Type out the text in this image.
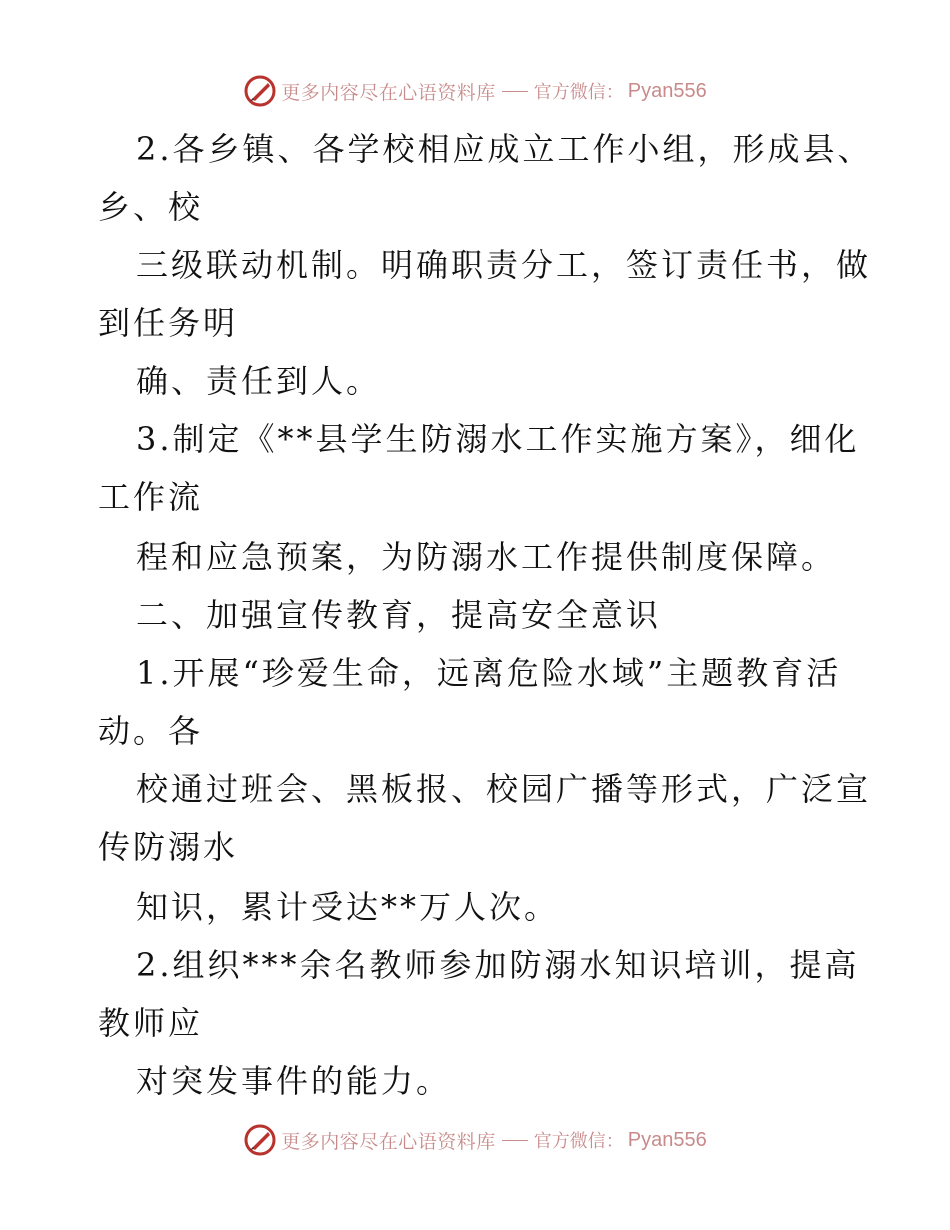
更多内容尽在心语资料库 官方微信： Pyan556
2.各乡镇、各学校相应成立工作小组，形成县、
乡、校
三级联动机制。明确职责分工，签订责任书，做
到任务明
确、责任到人。
3.制定《**县学生防溺水工作实施方案》，细化
工作流
程和应急预案，为防溺水工作提供制度保障。
二、加强宣传教育，提高安全意识
1.开展“珍爱生命，远离危险水域”主题教育活
动。各
校通过班会、黑板报、校园广播等形式，广泛宣
传防溺水
知识，累计受达**万人次。
2.组织***余名教师参加防溺水知识培训，提高
教师应
对突发事件的能力。
更多内容尽在心语资料库 官方微信： Pyan556
